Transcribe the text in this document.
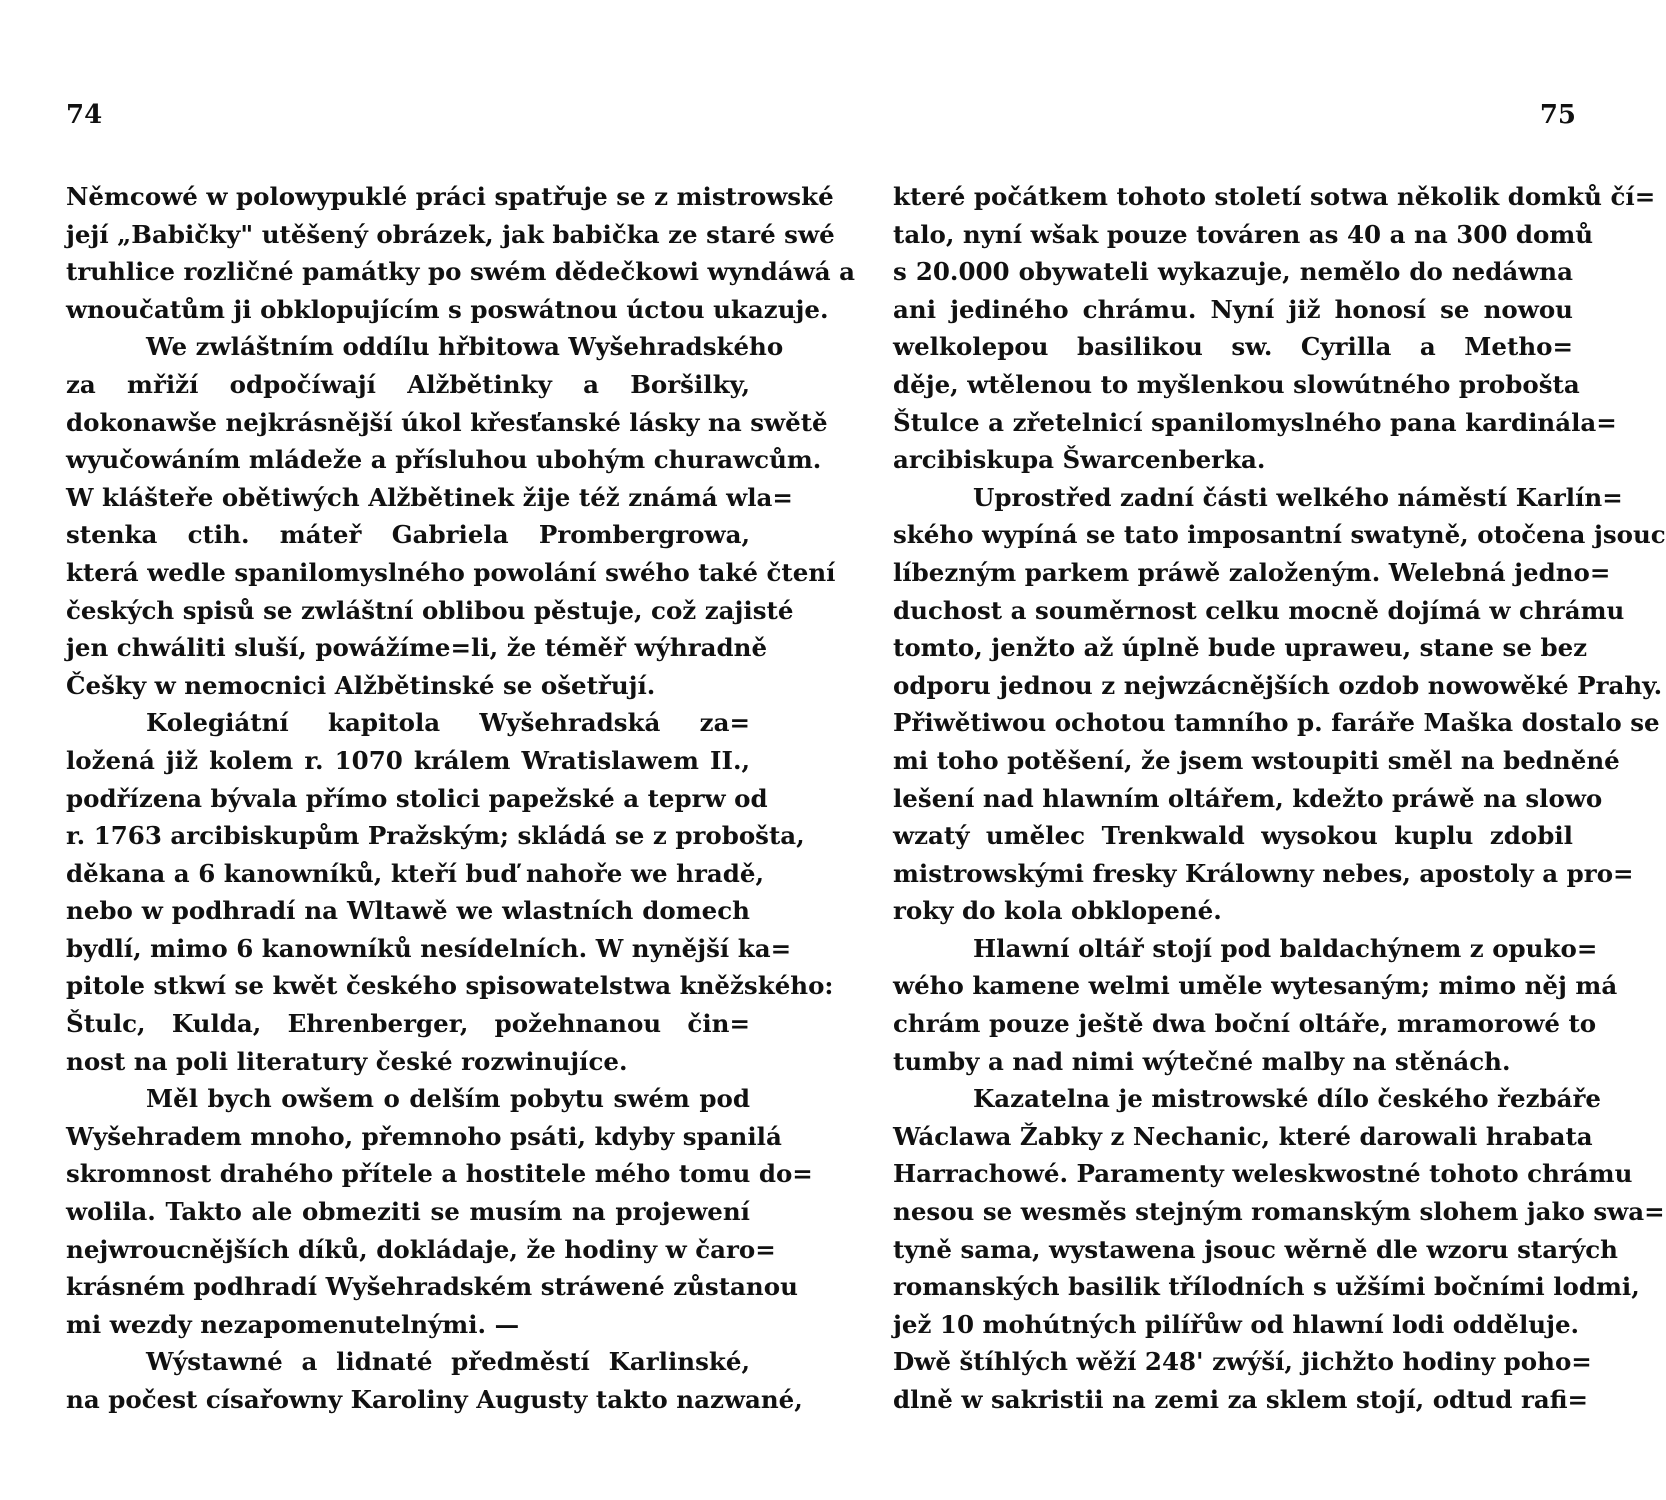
74
Němcowé w polowypuklé práci spatřuje se z mistrowské
její „Babičky" utěšený obrázek, jak babička ze staré swé
truhlice rozličné památky po swém dědečkowi wyndáwá a
wnoučatům ji obklopujícím s poswátnou úctou ukazuje.
We zwláštním oddílu hřbitowa Wyšehradského
za mřiží odpočíwají Alžbětinky a Boršilky,
dokonawše nejkrásnější úkol křesťanské lásky na swětě
wyučowáním mládeže a přísluhou ubohým churawcům.
W klášteře obětiwých Alžbětinek žije též známá wla=
stenka ctih. máteř Gabriela Prombergrowa,
která wedle spanilomyslného powolání swého také čtení
českých spisů se zwláštní oblibou pěstuje, což zajisté
jen chwáliti sluší, powážíme=li, že téměř wýhradně
Češky w nemocnici Alžbětinské se ošetřují.
Kolegiátní kapitola Wyšehradská za=
ložená již kolem r. 1070 králem Wratislawem II.,
podřízena bývala přímo stolici papežské a teprw od
r. 1763 arcibiskupům Pražským; skládá se z probošta,
děkana a 6 kanowníků, kteří buď nahoře we hradě,
nebo w podhradí na Wltawě we wlastních domech
bydlí, mimo 6 kanowníků nesídelních. W nynější ka=
pitole stkwí se kwět českého spisowatelstwa kněžského:
Štulc, Kulda, Ehrenberger, požehnanou čin=
nost na poli literatury české rozwinujíce.
Měl bych owšem o delším pobytu swém pod
Wyšehradem mnoho, přemnoho psáti, kdyby spanilá
skromnost drahého přítele a hostitele mého tomu do=
wolila. Takto ale obmeziti se musím na projewení
nejwroucnějších díků, dokládaje, že hodiny w čaro=
krásném podhradí Wyšehradském stráwené zůstanou
mi wezdy nezapomenutelnými. —
Wýstawné a lidnaté předměstí Karlinské,
na počest císařowny Karoliny Augusty takto nazwané,
75
které počátkem tohoto století sotwa několik domků čí=
talo, nyní wšak pouze továren as 40 a na 300 domů
s 20.000 obywateli wykazuje, nemělo do nedáwna
ani jediného chrámu. Nyní již honosí se nowou
welkolepou basilikou sw. Cyrilla a Metho=
děje, wtělenou to myšlenkou slowútného probošta
Štulce a zřetelnicí spanilomyslného pana kardinála=
arcibiskupa Šwarcenberka.
Uprostřed zadní části welkého náměstí Karlín=
ského wypíná se tato imposantní swatyně, otočena jsouc
líbezným parkem práwě založeným. Welebná jedno=
duchost a souměrnost celku mocně dojímá w chrámu
tomto, jenžto až úplně bude upraweu, stane se bez
odporu jednou z nejwzácnějších ozdob nowowěké Prahy.
Přiwětiwou ochotou tamního p. faráře Maška dostalo se
mi toho potěšení, že jsem wstoupiti směl na bedněné
lešení nad hlawním oltářem, kdežto práwě na slowo
wzatý umělec Trenkwald wysokou kuplu zdobil
mistrowskými fresky Králowny nebes, apostoly a pro=
roky do kola obklopené.
Hlawní oltář stojí pod baldachýnem z opuko=
wého kamene welmi uměle wytesaným; mimo něj má
chrám pouze ještě dwa boční oltáře, mramorowé to
tumby a nad nimi wýtečné malby na stěnách.
Kazatelna je mistrowské dílo českého řezbáře
Wáclawa Žabky z Nechanic, které darowali hrabata
Harrachowé. Paramenty weleskwostné tohoto chrámu
nesou se wesměs stejným romanským slohem jako swa=
tyně sama, wystawena jsouc wěrně dle wzoru starých
romanských basilik třílodních s užšími bočními lodmi,
jež 10 mohútných pilířůw od hlawní lodi odděluje.
Dwě štíhlých wěží 248' zwýší, jichžto hodiny poho=
dlně w sakristii na zemi za sklem stojí, odtud rafi=
